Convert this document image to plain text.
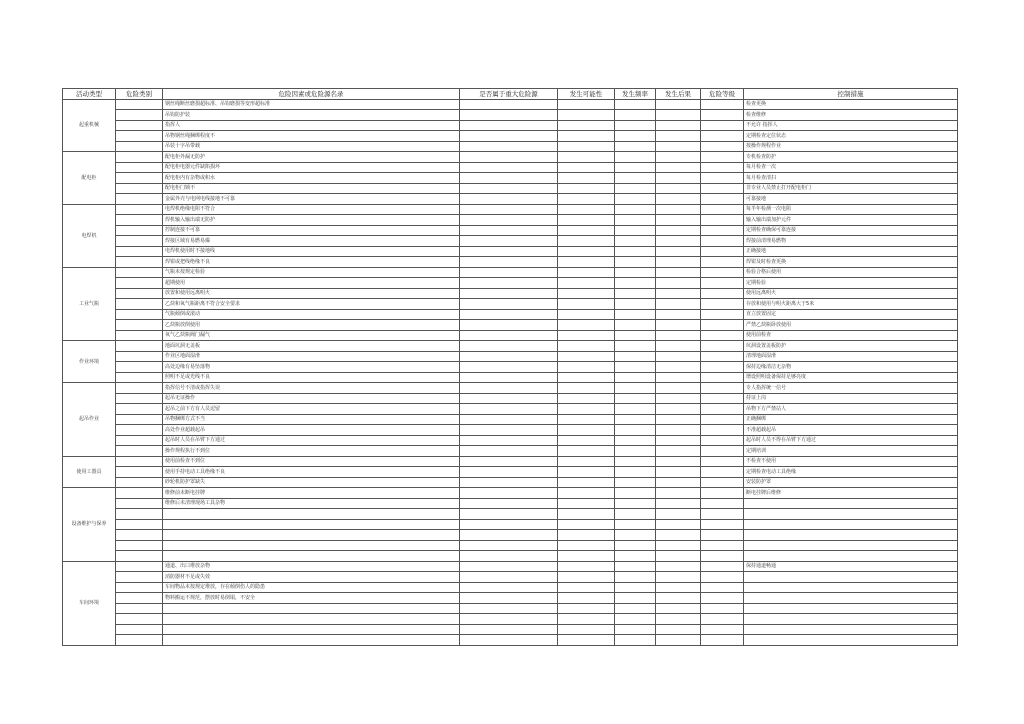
活动类型	危险类别	危险因素或危险源名录	是否属于重大危险源	发生可能性	发生频率	发生后果	危险等级	控制措施
起重机械		钢丝绳断丝磨损超标准、吊钩磨损等变形超标准						检查更换
		吊钩防护装						检查维修
		指挥人						不允许 指挥人
		吊物钢丝绳捆绑程度不						定期检查定位状态
		吊装十字吊带载						按操作规程作业
配电柜		配电柜外漏无防护						专机检查防护
		配电柜电器元件缺陷损坏						每月检查一次
		配电柜内有杂物或积水						每月检查清扫
		配电柜门锁不						非专业人员禁止打开配电柜门
		金属外壳与电网电线接地不可靠						可靠接地
电焊机		电焊机绝缘电阻不符合						每半年检测一次电阻
		焊机输入输出端无防护						输入输出端加护元件
		控制连接不可靠						定期检查确保可靠连接
		焊接区域有易燃易爆						焊接前清理易燃物
		电焊机使用时不接地线						正确接地
		焊钳或把线绝缘不良						焊钳及时检查更换
工业气瓶		气瓶未按规定检验						检验合格后使用
		超期使用						定期检验
		放置和使用远离明火						使用远离明火
		乙炔和氧气瓶距离不符合安全要求						存放和使用与明火距离大于5米
		气瓶倾倒或滚动						直立放置固定
		乙炔瓶放倒使用						严禁乙炔瓶卧放使用
		氧气乙炔瓶阀门漏气						使用前检查
作业环境		地面坑洞无盖板						坑洞设置盖板防护
		作业区地面湿滑						清理地面湿滑
		高处边缘有易坠落物						保持边缘清洁无杂物
		照明不足或光线不良						增设照明设备保持足够亮度
起吊作业		指挥信号不清或指挥失误						专人指挥统一信号
		起吊无证操作						持证上岗
		起吊之前下方有人员逗留						吊物下方严禁站人
		吊物捆绑方式不当						正确捆绑
		高处作业超载起吊						不准超载起吊
		起吊时人员在吊臂下方通过						起吊时人员不得在吊臂下方通过
		操作规程执行不到位						定期培训
使用工器具		使用前检查不到位						不检查不使用
		使用手持电动工具绝缘不良						定期检查电动工具绝缘
		砂轮机防护罩缺失						安装防护罩
设备维护与保养		维修前未断电挂牌						断电挂牌后维修
		维修后未清理现场工具杂物						

车间环境		通道、出口堆放杂物						保持通道畅通
		消防器材不足或失效						
		车间物品未按规定堆放，存在倾倒伤人的隐患						
		物料搬运不规范，摆放时易倒塌，不安全						
